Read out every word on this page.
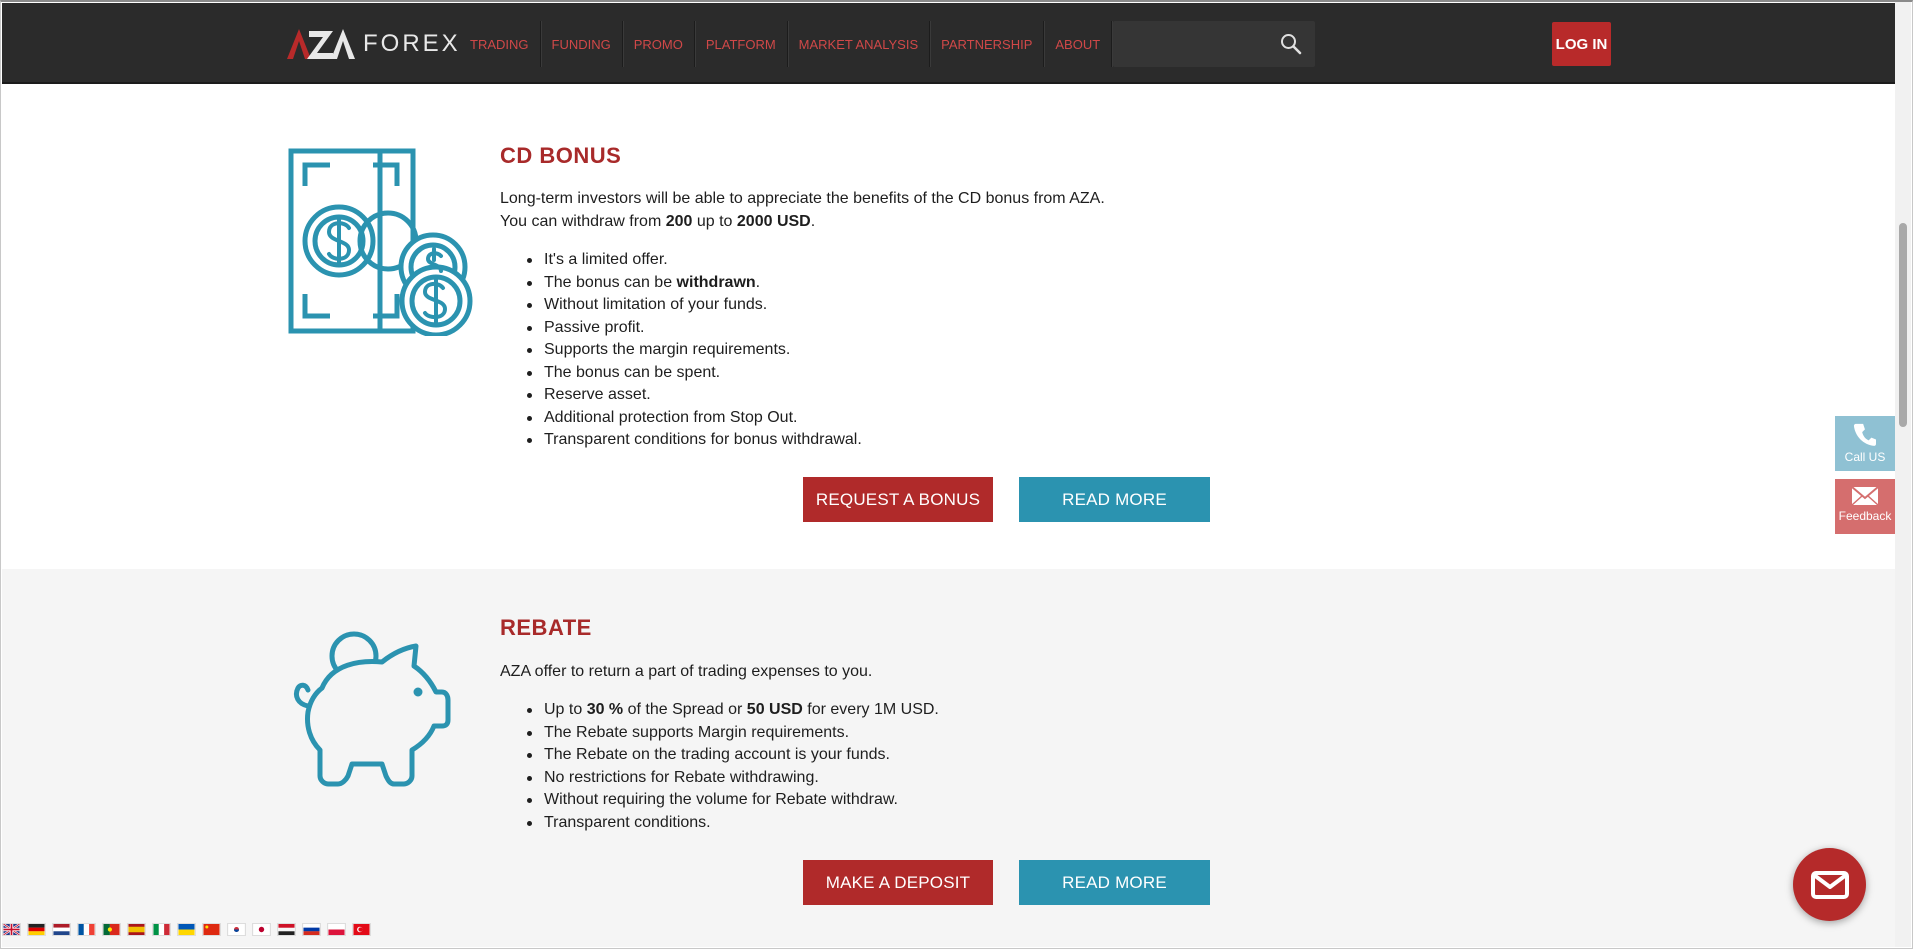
FOREX TRADING	FUNDING	PROMO	PLATFORM	MARKET ANALYSIS	PARTNERSHIP	ABOUT	LOG IN
CD BONUS
Long-term investors will be able to appreciate the benefits of the CD bonus from AZA.
You can withdraw from 200 up to 2000 USD.
It's a limited offer.
The bonus can be withdrawn.
Without limitation of your funds.
Passive profit.
Supports the margin requirements.
The bonus can be spent.
Reserve asset.
Additional protection from Stop Out.
Transparent conditions for bonus withdrawal.
REQUEST A BONUS	READ MORE
REBATE
AZA offer to return a part of trading expenses to you.
Up to 30 % of the Spread or 50 USD for every 1M USD.
The Rebate supports Margin requirements.
The Rebate on the trading account is your funds.
No restrictions for Rebate withdrawing.
Without requiring the volume for Rebate withdraw.
Transparent conditions.
MAKE A DEPOSIT	READ MORE
Call US
Feedback
